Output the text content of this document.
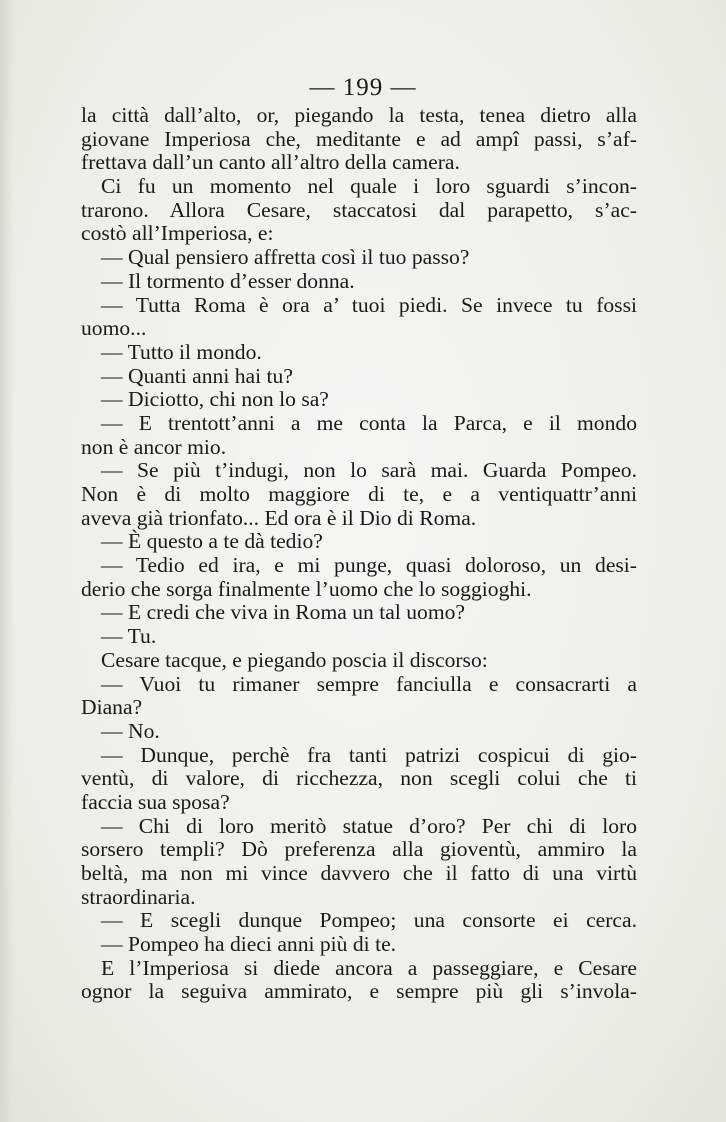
— 199 —
la città dall’alto, or, piegando la testa, tenea dietro alla
giovane Imperiosa che, meditante e ad ampî passi, s’af-
frettava dall’un canto all’altro della camera.
Ci fu un momento nel quale i loro sguardi s’incon-
trarono. Allora Cesare, staccatosi dal parapetto, s’ac-
costò all’Imperiosa, e:
— Qual pensiero affretta così il tuo passo?
— Il tormento d’esser donna.
— Tutta Roma è ora a’ tuoi piedi. Se invece tu fossi
uomo...
— Tutto il mondo.
— Quanti anni hai tu?
— Diciotto, chi non lo sa?
— E trentott’anni a me conta la Parca, e il mondo
non è ancor mio.
— Se più t’indugi, non lo sarà mai. Guarda Pompeo.
Non è di molto maggiore di te, e a ventiquattr’anni
aveva già trionfato... Ed ora è il Dio di Roma.
— È questo a te dà tedio?
— Tedio ed ira, e mi punge, quasi doloroso, un desi-
derio che sorga finalmente l’uomo che lo soggioghi.
— E credi che viva in Roma un tal uomo?
— Tu.
Cesare tacque, e piegando poscia il discorso:
— Vuoi tu rimaner sempre fanciulla e consacrarti a
Diana?
— No.
— Dunque, perchè fra tanti patrizi cospicui di gio-
ventù, di valore, di ricchezza, non scegli colui che ti
faccia sua sposa?
— Chi di loro meritò statue d’oro? Per chi di loro
sorsero templi? Dò preferenza alla gioventù, ammiro la
beltà, ma non mi vince davvero che il fatto di una virtù
straordinaria.
— E scegli dunque Pompeo; una consorte ei cerca.
— Pompeo ha dieci anni più di te.
E l’Imperiosa si diede ancora a passeggiare, e Cesare
ognor la seguiva ammirato, e sempre più gli s’invola-
